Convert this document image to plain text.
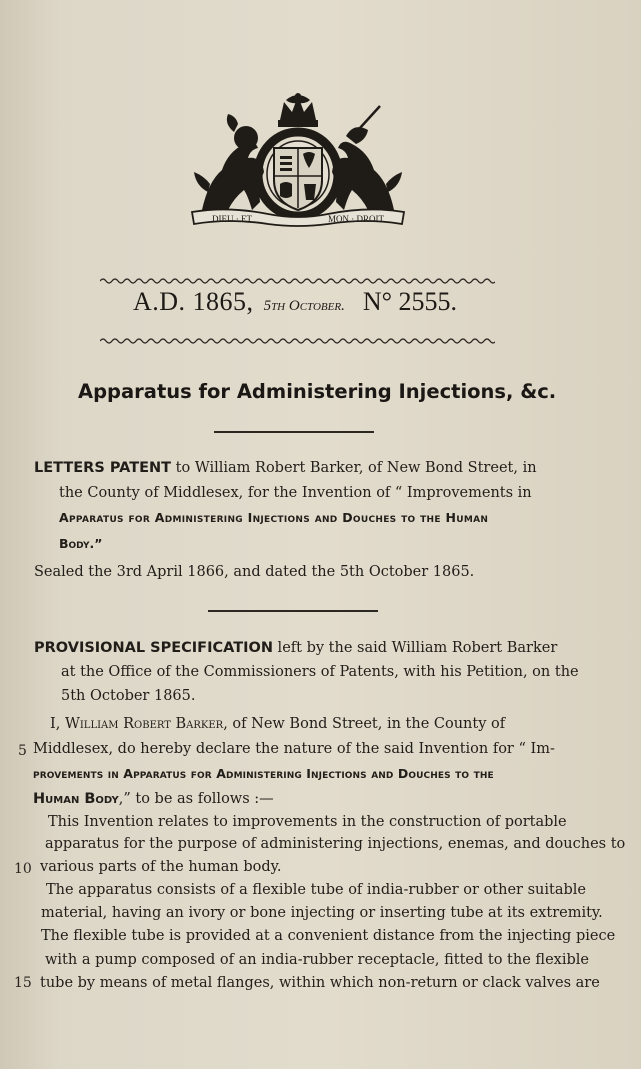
DIEU · ET	MON · DROIT
A.D. 1865, 5th October. N° 2555.
Apparatus for Administering Injections, &c.
LETTERS PATENT to William Robert Barker, of New Bond Street, in
the County of Middlesex, for the Invention of “ Improvements in
Apparatus for Administering Injections and Douches to the Human
Body.”
Sealed the 3rd April 1866, and dated the 5th October 1865.
PROVISIONAL SPECIFICATION left by the said William Robert Barker
at the Office of the Commissioners of Patents, with his Petition, on the
5th October 1865.
I, William Robert Barker, of New Bond Street, in the County of
Middlesex, do hereby declare the nature of the said Invention for “ Im-
provements in Apparatus for Administering Injections and Douches to the
Human Body,” to be as follows :—
This Invention relates to improvements in the construction of portable
apparatus for the purpose of administering injections, enemas, and douches to
various parts of the human body.
The apparatus consists of a flexible tube of india-rubber or other suitable
material, having an ivory or bone injecting or inserting tube at its extremity.
The flexible tube is provided at a convenient distance from the injecting piece
with a pump composed of an india-rubber receptacle, fitted to the flexible
tube by means of metal flanges, within which non-return or clack valves are
5
10
15
